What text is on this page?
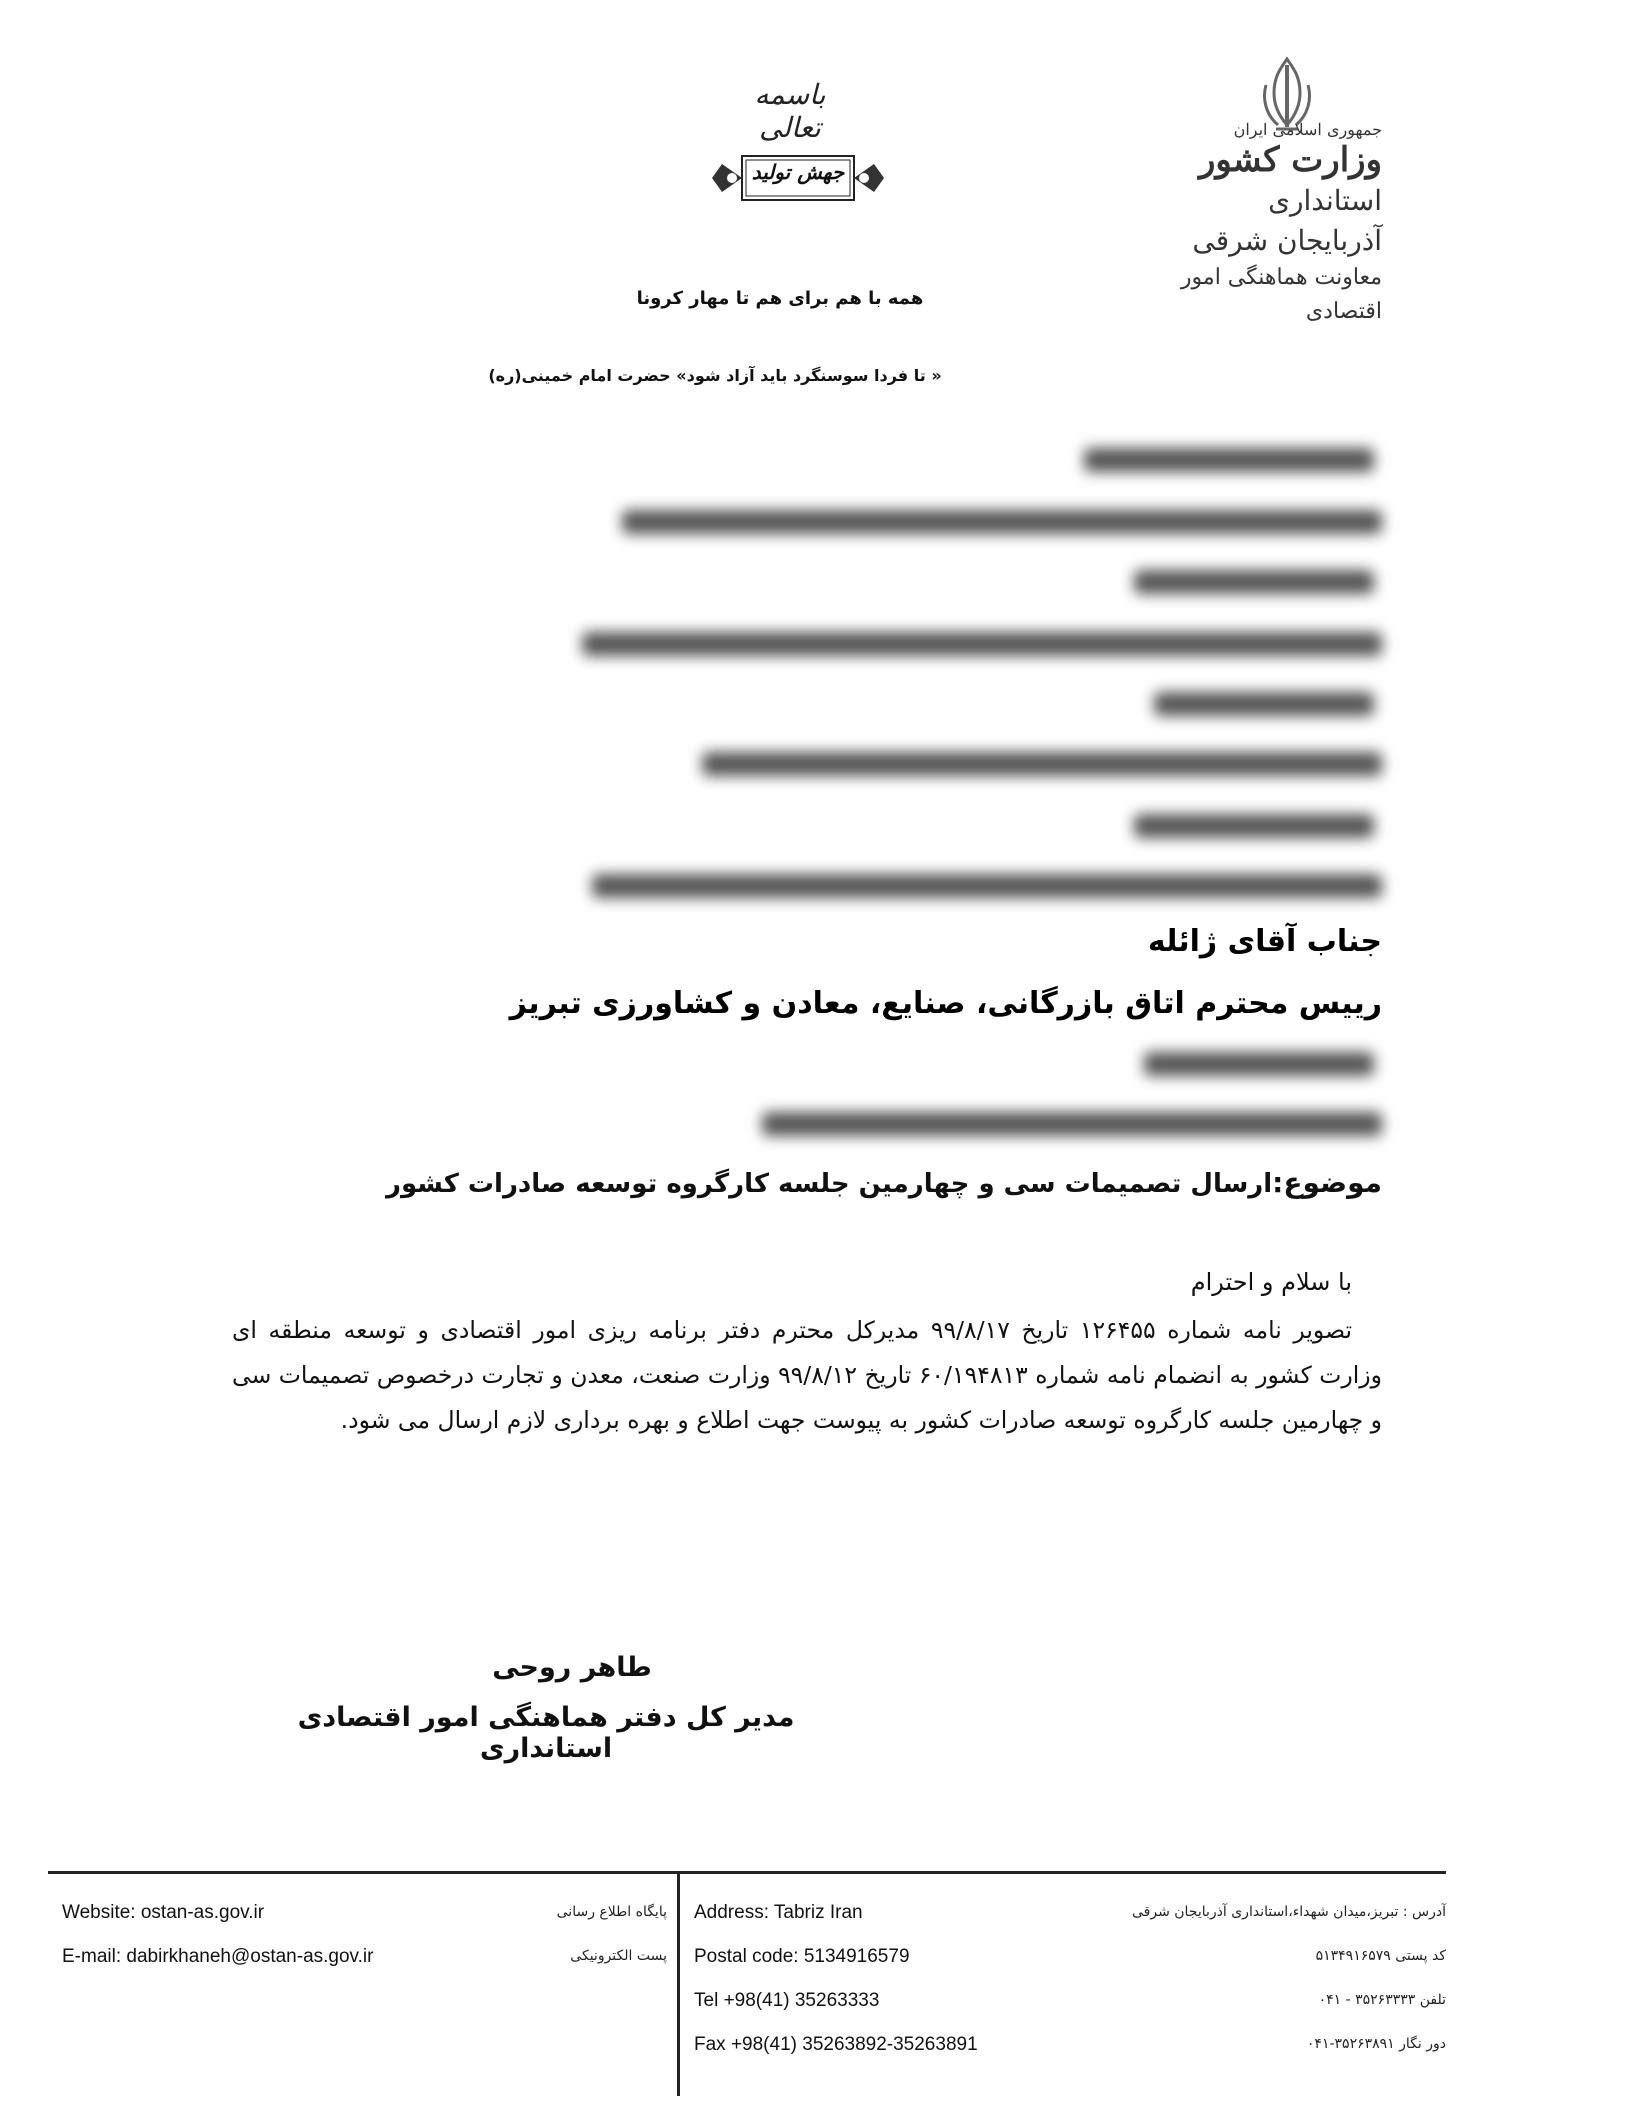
جمهوری اسلامی ایران
وزارت کشور
استانداری آذربایجان شرقی
معاونت هماهنگی امور اقتصادی
باسمه تعالی
جهش تولید
همه با هم برای هم تا مهار کرونا
« تا فردا سوسنگرد باید آزاد شود» حضرت امام خمینی(ره)
جناب آقای ژائله
رییس محترم اتاق بازرگانی، صنایع، معادن و کشاورزی تبریز
موضوع:ارسال تصمیمات سی و چهارمین جلسه کارگروه توسعه صادرات کشور
با سلام و احترام
تصویر نامه شماره ۱۲۶۴۵۵ تاریخ ۹۹/۸/۱۷ مدیرکل محترم دفتر برنامه ریزی امور اقتصادی و توسعه منطقه ای وزارت کشور به انضمام نامه شماره ۶۰/۱۹۴۸۱۳ تاریخ ۹۹/۸/۱۲ وزارت صنعت، معدن و تجارت درخصوص تصمیمات سی و چهارمین جلسه کارگروه توسعه صادرات کشور به پیوست جهت اطلاع و بهره برداری لازم ارسال می شود.
طاهر روحی
مدیر کل دفتر هماهنگی امور اقتصادی استانداری
Website: ostan-as.gov.ir	پایگاه اطلاع رسانی
E-mail: dabirkhaneh@ostan-as.gov.ir	پست الکترونیکی
Address: Tabriz Iran	آدرس : تبریز،میدان شهداء،استانداری آذربایجان شرقی
Postal code: 5134916579	کد پستی ۵۱۳۴۹۱۶۵۷۹
Tel +98(41) 35263333	تلفن ۳۵۲۶۳۳۳۳ - ۰۴۱
Fax +98(41) 35263892-35263891	دور نگار ۳۵۲۶۳۸۹۱-۰۴۱
